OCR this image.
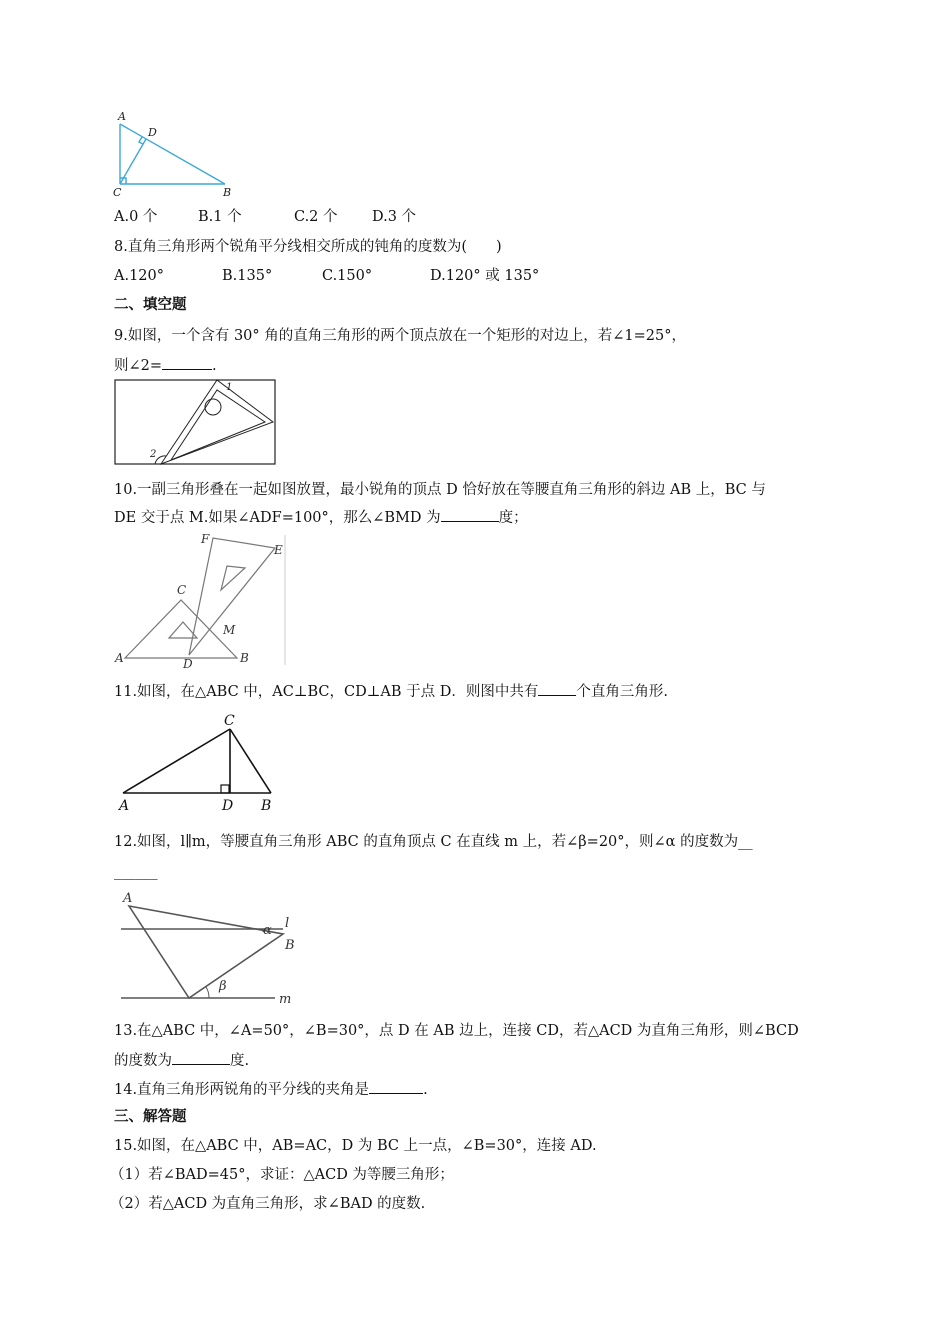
A
D
C	B
A.0 个	B.1 个	C.2 个 D.3 个
8.直角三角形两个锐角平分线相交所成的钝角的度数为(　　)
A.120°	B.135°	C.150°	D.120° 或 135°
二、填空题
9.如图，一个含有 30° 角的直角三角形的两个顶点放在一个矩形的对边上，若∠1=25°，
则∠2=	.
1
2
10.一副三角形叠在一起如图放置，最小锐角的顶点 D 恰好放在等腰直角三角形的斜边 AB 上，BC 与
DE 交于点 M.如果∠ADF=100°，那么∠BMD 为	度；
F
E
C
M
A	D	B
11.如图，在△ABC 中，AC⊥BC，CD⊥AB 于点 D．则图中共有	个直角三角形.
C
A	D B
12.如图，l∥m，等腰直角三角形 ABC 的直角顶点 C 在直线 m 上，若∠β=20°，则∠α 的度数为__
______
A
l
α
B
β
m
13.在△ABC 中，∠A=50°，∠B=30°，点 D 在 AB 边上，连接 CD，若△ACD 为直角三角形，则∠BCD
的度数为	度.
14.直角三角形两锐角的平分线的夹角是	.
三、解答题
15.如图，在△ABC 中，AB=AC，D 为 BC 上一点，∠B=30°，连接 AD.
（1）若∠BAD=45°，求证：△ACD 为等腰三角形；
（2）若△ACD 为直角三角形，求∠BAD 的度数.
